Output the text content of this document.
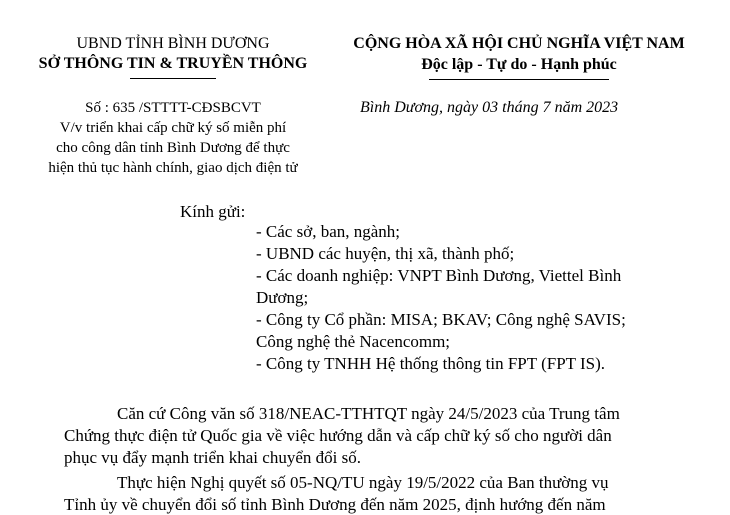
UBND TỈNH BÌNH DƯƠNG
SỞ THÔNG TIN & TRUYỀN THÔNG
CỘNG HÒA XÃ HỘI CHỦ NGHĨA VIỆT NAM
Độc lập - Tự do - Hạnh phúc
Số : 635 /STTTT-CĐSBCVT
V/v triển khai cấp chữ ký số miễn phí
cho công dân tỉnh Bình Dương để thực
hiện thủ tục hành chính, giao dịch điện tử
Bình Dương, ngày 03 tháng 7 năm 2023
Kính gửi:
- Các sở, ban, ngành;
- UBND các huyện, thị xã, thành phố;
- Các doanh nghiệp: VNPT Bình Dương, Viettel Bình
Dương;
- Công ty Cổ phần: MISA; BKAV; Công nghệ SAVIS;
Công nghệ thẻ Nacencomm;
- Công ty TNHH Hệ thống thông tin FPT (FPT IS).
Căn cứ Công văn số 318/NEAC-TTHTQT ngày 24/5/2023 của Trung tâm
Chứng thực điện tử Quốc gia về việc hướng dẫn và cấp chữ ký số cho người dân
phục vụ đẩy mạnh triển khai chuyển đổi số.
Thực hiện Nghị quyết số 05-NQ/TU ngày 19/5/2022 của Ban thường vụ
Tỉnh ủy về chuyển đổi số tỉnh Bình Dương đến năm 2025, định hướng đến năm
